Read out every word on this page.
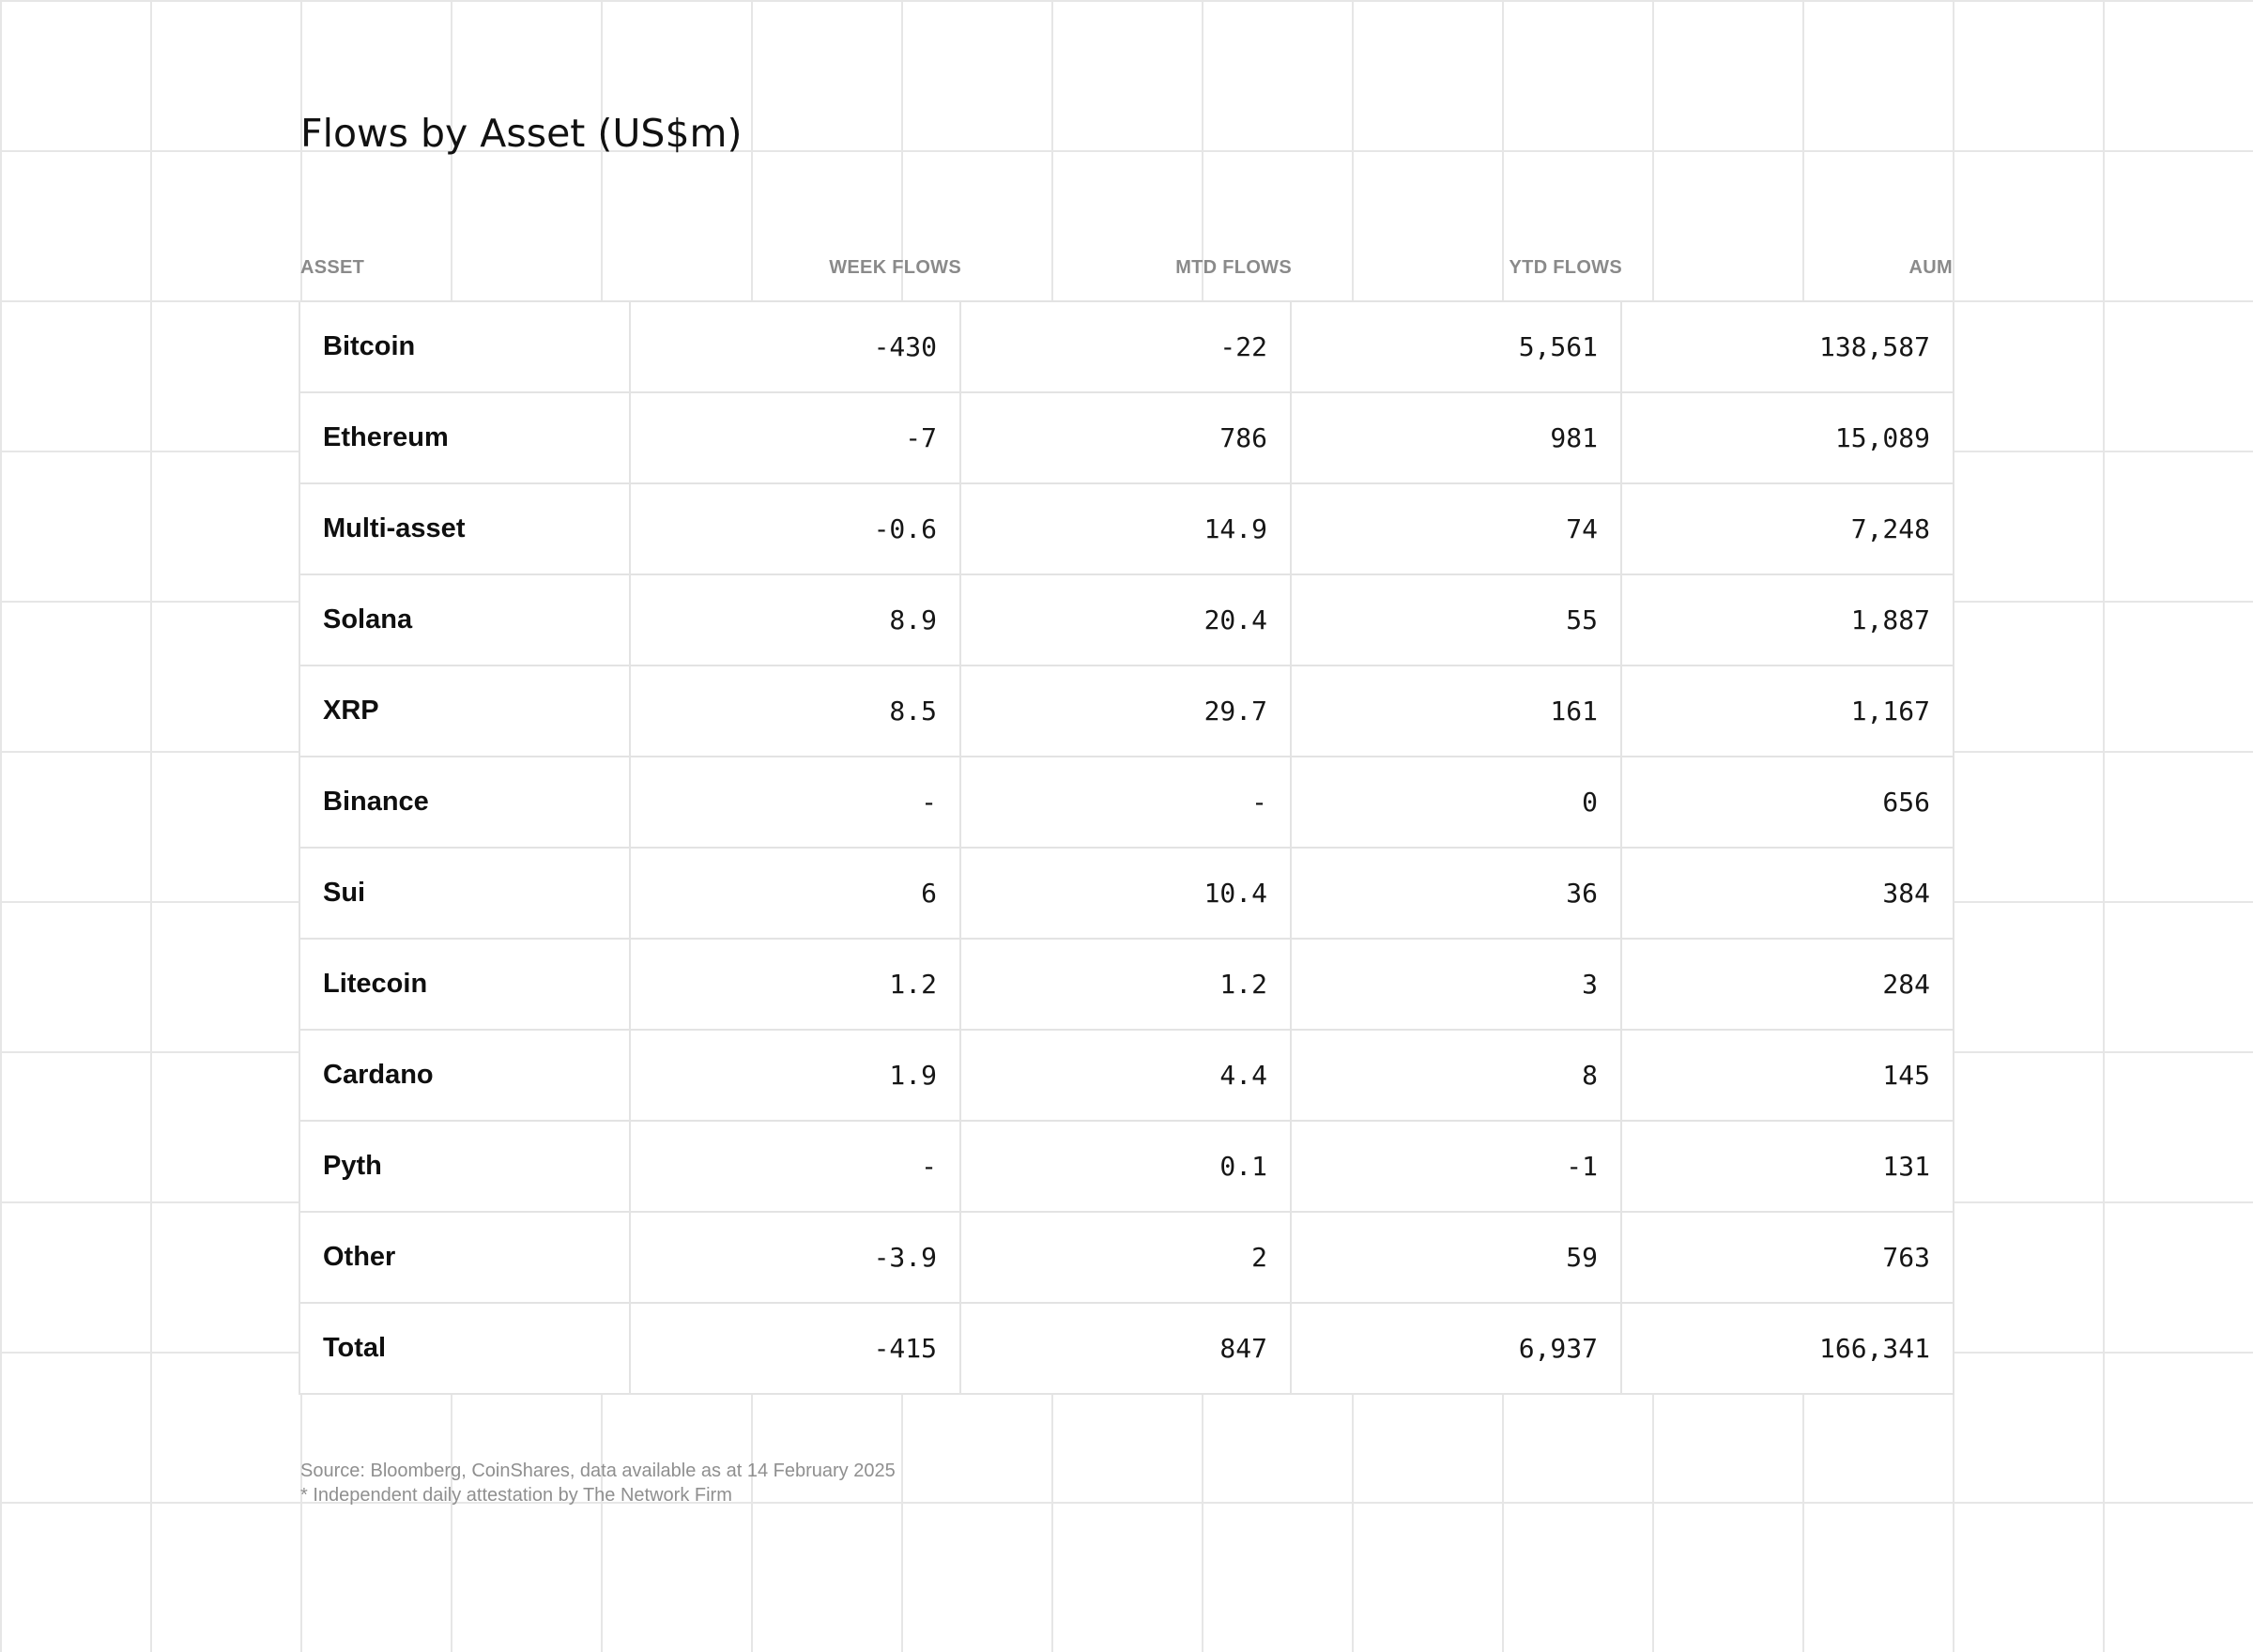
Flows by Asset (US$m)
ASSET	WEEK FLOWS	MTD FLOWS	YTD FLOWS	AUM
Bitcoin	-430	-22	5,561	138,587
Ethereum	-7	786	981	15,089
Multi-asset	-0.6	14.9	74	7,248
Solana	8.9	20.4	55	1,887
XRP	8.5	29.7	161	1,167
Binance	-	-	0	656
Sui	6	10.4	36	384
Litecoin	1.2	1.2	3	284
Cardano	1.9	4.4	8	145
Pyth	-	0.1	-1	131
Other	-3.9	2	59	763
Total	-415	847	6,937	166,341
Source: Bloomberg, CoinShares, data available as at 14 February 2025
* Independent daily attestation by The Network Firm
